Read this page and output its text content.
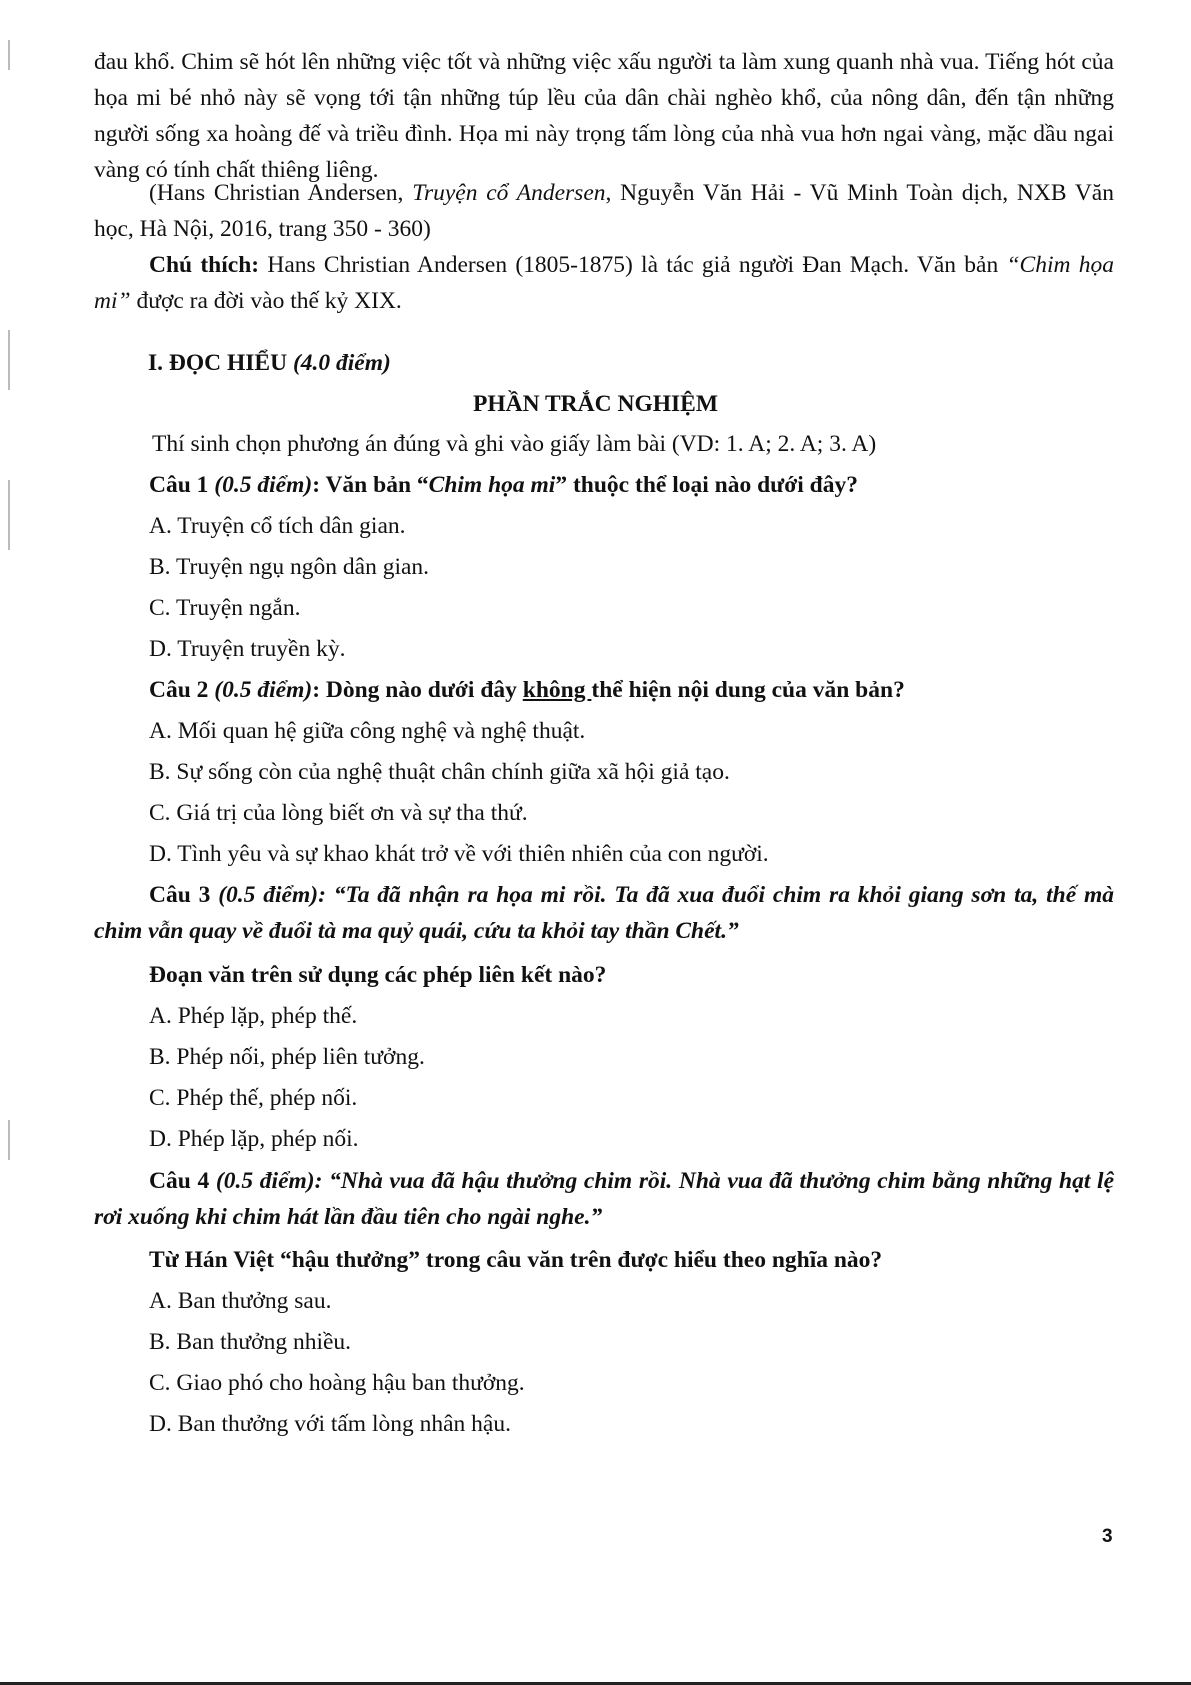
đau khổ. Chim sẽ hót lên những việc tốt và những việc xấu người ta làm xung quanh nhà vua. Tiếng hót của họa mi bé nhỏ này sẽ vọng tới tận những túp lều của dân chài nghèo khổ, của nông dân, đến tận những người sống xa hoàng đế và triều đình. Họa mi này trọng tấm lòng của nhà vua hơn ngai vàng, mặc dầu ngai vàng có tính chất thiêng liêng.
(Hans Christian Andersen, Truyện cổ Andersen, Nguyễn Văn Hải - Vũ Minh Toàn dịch, NXB Văn học, Hà Nội, 2016, trang 350 - 360)
Chú thích: Hans Christian Andersen (1805-1875) là tác giả người Đan Mạch. Văn bản “Chim họa mi” được ra đời vào thế kỷ XIX.
I. ĐỌC HIỂU (4.0 điểm)
PHẦN TRẮC NGHIỆM
Thí sinh chọn phương án đúng và ghi vào giấy làm bài (VD: 1. A; 2. A; 3. A)
Câu 1 (0.5 điểm): Văn bản “Chim họa mi” thuộc thể loại nào dưới đây?
A. Truyện cổ tích dân gian.
B. Truyện ngụ ngôn dân gian.
C. Truyện ngắn.
D. Truyện truyền kỳ.
Câu 2 (0.5 điểm): Dòng nào dưới đây không thể hiện nội dung của văn bản?
A. Mối quan hệ giữa công nghệ và nghệ thuật.
B. Sự sống còn của nghệ thuật chân chính giữa xã hội giả tạo.
C. Giá trị của lòng biết ơn và sự tha thứ.
D. Tình yêu và sự khao khát trở về với thiên nhiên của con người.
Câu 3 (0.5 điểm): “Ta đã nhận ra họa mi rồi. Ta đã xua đuổi chim ra khỏi giang sơn ta, thế mà chim vẫn quay về đuổi tà ma quỷ quái, cứu ta khỏi tay thần Chết.”
Đoạn văn trên sử dụng các phép liên kết nào?
A. Phép lặp, phép thế.
B. Phép nối, phép liên tưởng.
C. Phép thế, phép nối.
D. Phép lặp, phép nối.
Câu 4 (0.5 điểm): “Nhà vua đã hậu thưởng chim rồi. Nhà vua đã thưởng chim bằng những hạt lệ rơi xuống khi chim hát lần đầu tiên cho ngài nghe.”
Từ Hán Việt “hậu thưởng” trong câu văn trên được hiểu theo nghĩa nào?
A. Ban thưởng sau.
B. Ban thưởng nhiều.
C. Giao phó cho hoàng hậu ban thưởng.
D. Ban thưởng với tấm lòng nhân hậu.
3
